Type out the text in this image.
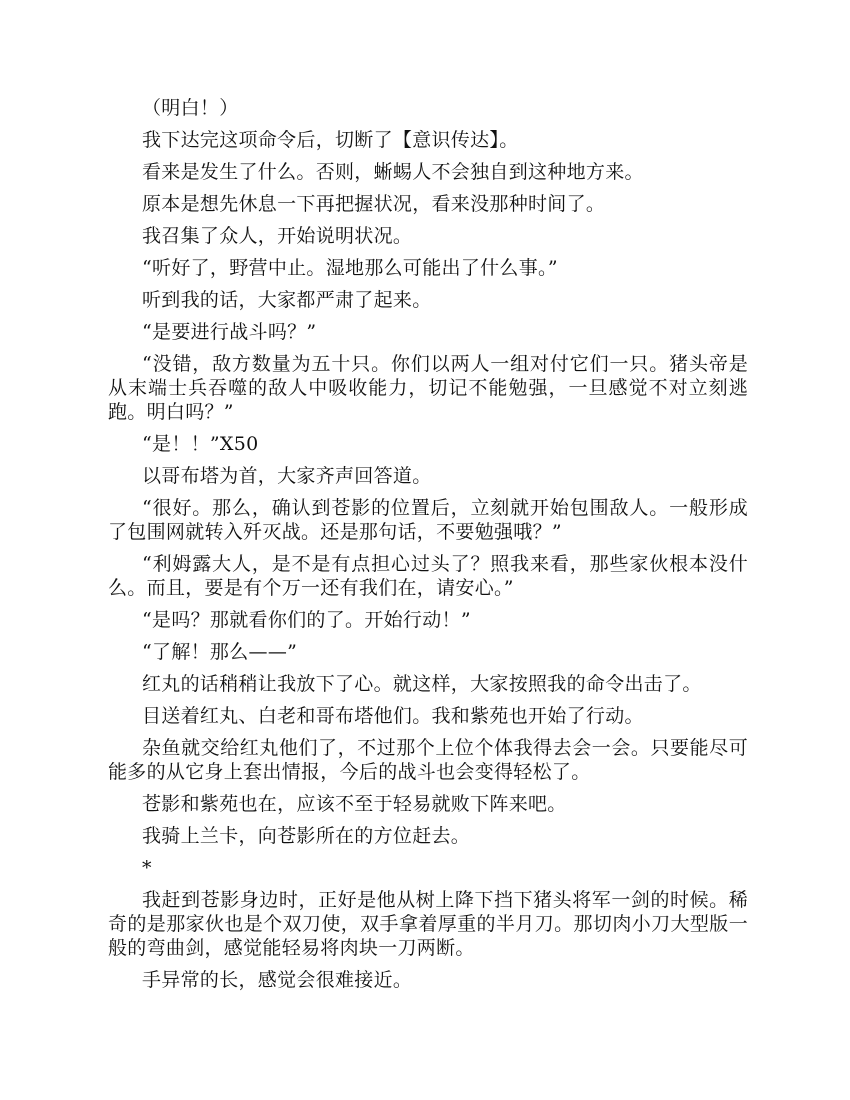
（明白！）

我下达完这项命令后，切断了【意识传达】。

看来是发生了什么。否则，蜥蜴人不会独自到这种地方来。

原本是想先休息一下再把握状况，看来没那种时间了。

我召集了众人，开始说明状况。

“听好了，野营中止。湿地那么可能出了什么事。”

听到我的话，大家都严肃了起来。

“是要进行战斗吗？”

“没错，敌方数量为五十只。你们以两人一组对付它们一只。猪头帝是从末端士兵吞噬的敌人中吸收能力，切记不能勉强，一旦感觉不对立刻逃跑。明白吗？”

“是！！”X50

以哥布塔为首，大家齐声回答道。

“很好。那么，确认到苍影的位置后，立刻就开始包围敌人。一般形成了包围网就转入歼灭战。还是那句话，不要勉强哦？”

“利姆露大人，是不是有点担心过头了？照我来看，那些家伙根本没什么。而且，要是有个万一还有我们在，请安心。”

“是吗？那就看你们的了。开始行动！”

“了解！那么——”

红丸的话稍稍让我放下了心。就这样，大家按照我的命令出击了。

目送着红丸、白老和哥布塔他们。我和紫苑也开始了行动。

杂鱼就交给红丸他们了，不过那个上位个体我得去会一会。只要能尽可能多的从它身上套出情报，今后的战斗也会变得轻松了。

苍影和紫苑也在，应该不至于轻易就败下阵来吧。

我骑上兰卡，向苍影所在的方位赶去。

*

我赶到苍影身边时，正好是他从树上降下挡下猪头将军一剑的时候。稀奇的是那家伙也是个双刀使，双手拿着厚重的半月刀。那切肉小刀大型版一般的弯曲剑，感觉能轻易将肉块一刀两断。

手异常的长，感觉会很难接近。
